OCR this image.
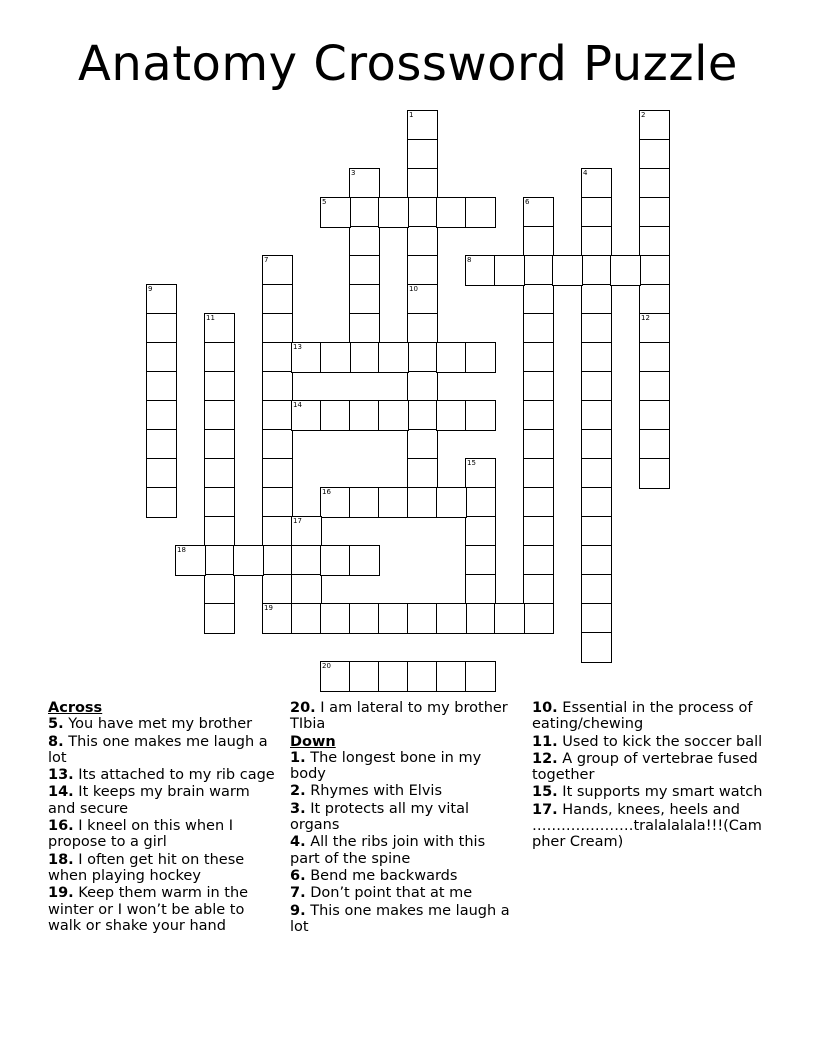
Anatomy Crossword Puzzle
1	2
3	4
5	6
7
19
8
9	10
11	12
13
14
15
16
17
18
20
Across
5. You have met my brother
8. This one makes me laugh a lot
13. Its attached to my rib cage
14. It keeps my brain warm and secure
16. I kneel on this when I propose to a girl
18. I often get hit on these when playing hockey
19. Keep them warm in the winter or I won’t be able to walk or shake your hand
20. I am lateral to my brother TIbia
Down
1. The longest bone in my body
2. Rhymes with Elvis
3. It protects all my vital organs
4. All the ribs join with this part of the spine
6. Bend me backwards
7. Don’t point that at me
9. This one makes me laugh a lot
10. Essential in the process of eating/chewing
11. Used to kick the soccer ball
12. A group of vertebrae fused together
15. It supports my smart watch
17. Hands, knees, heels and …………………tralalalala!!!(Campher Cream)
